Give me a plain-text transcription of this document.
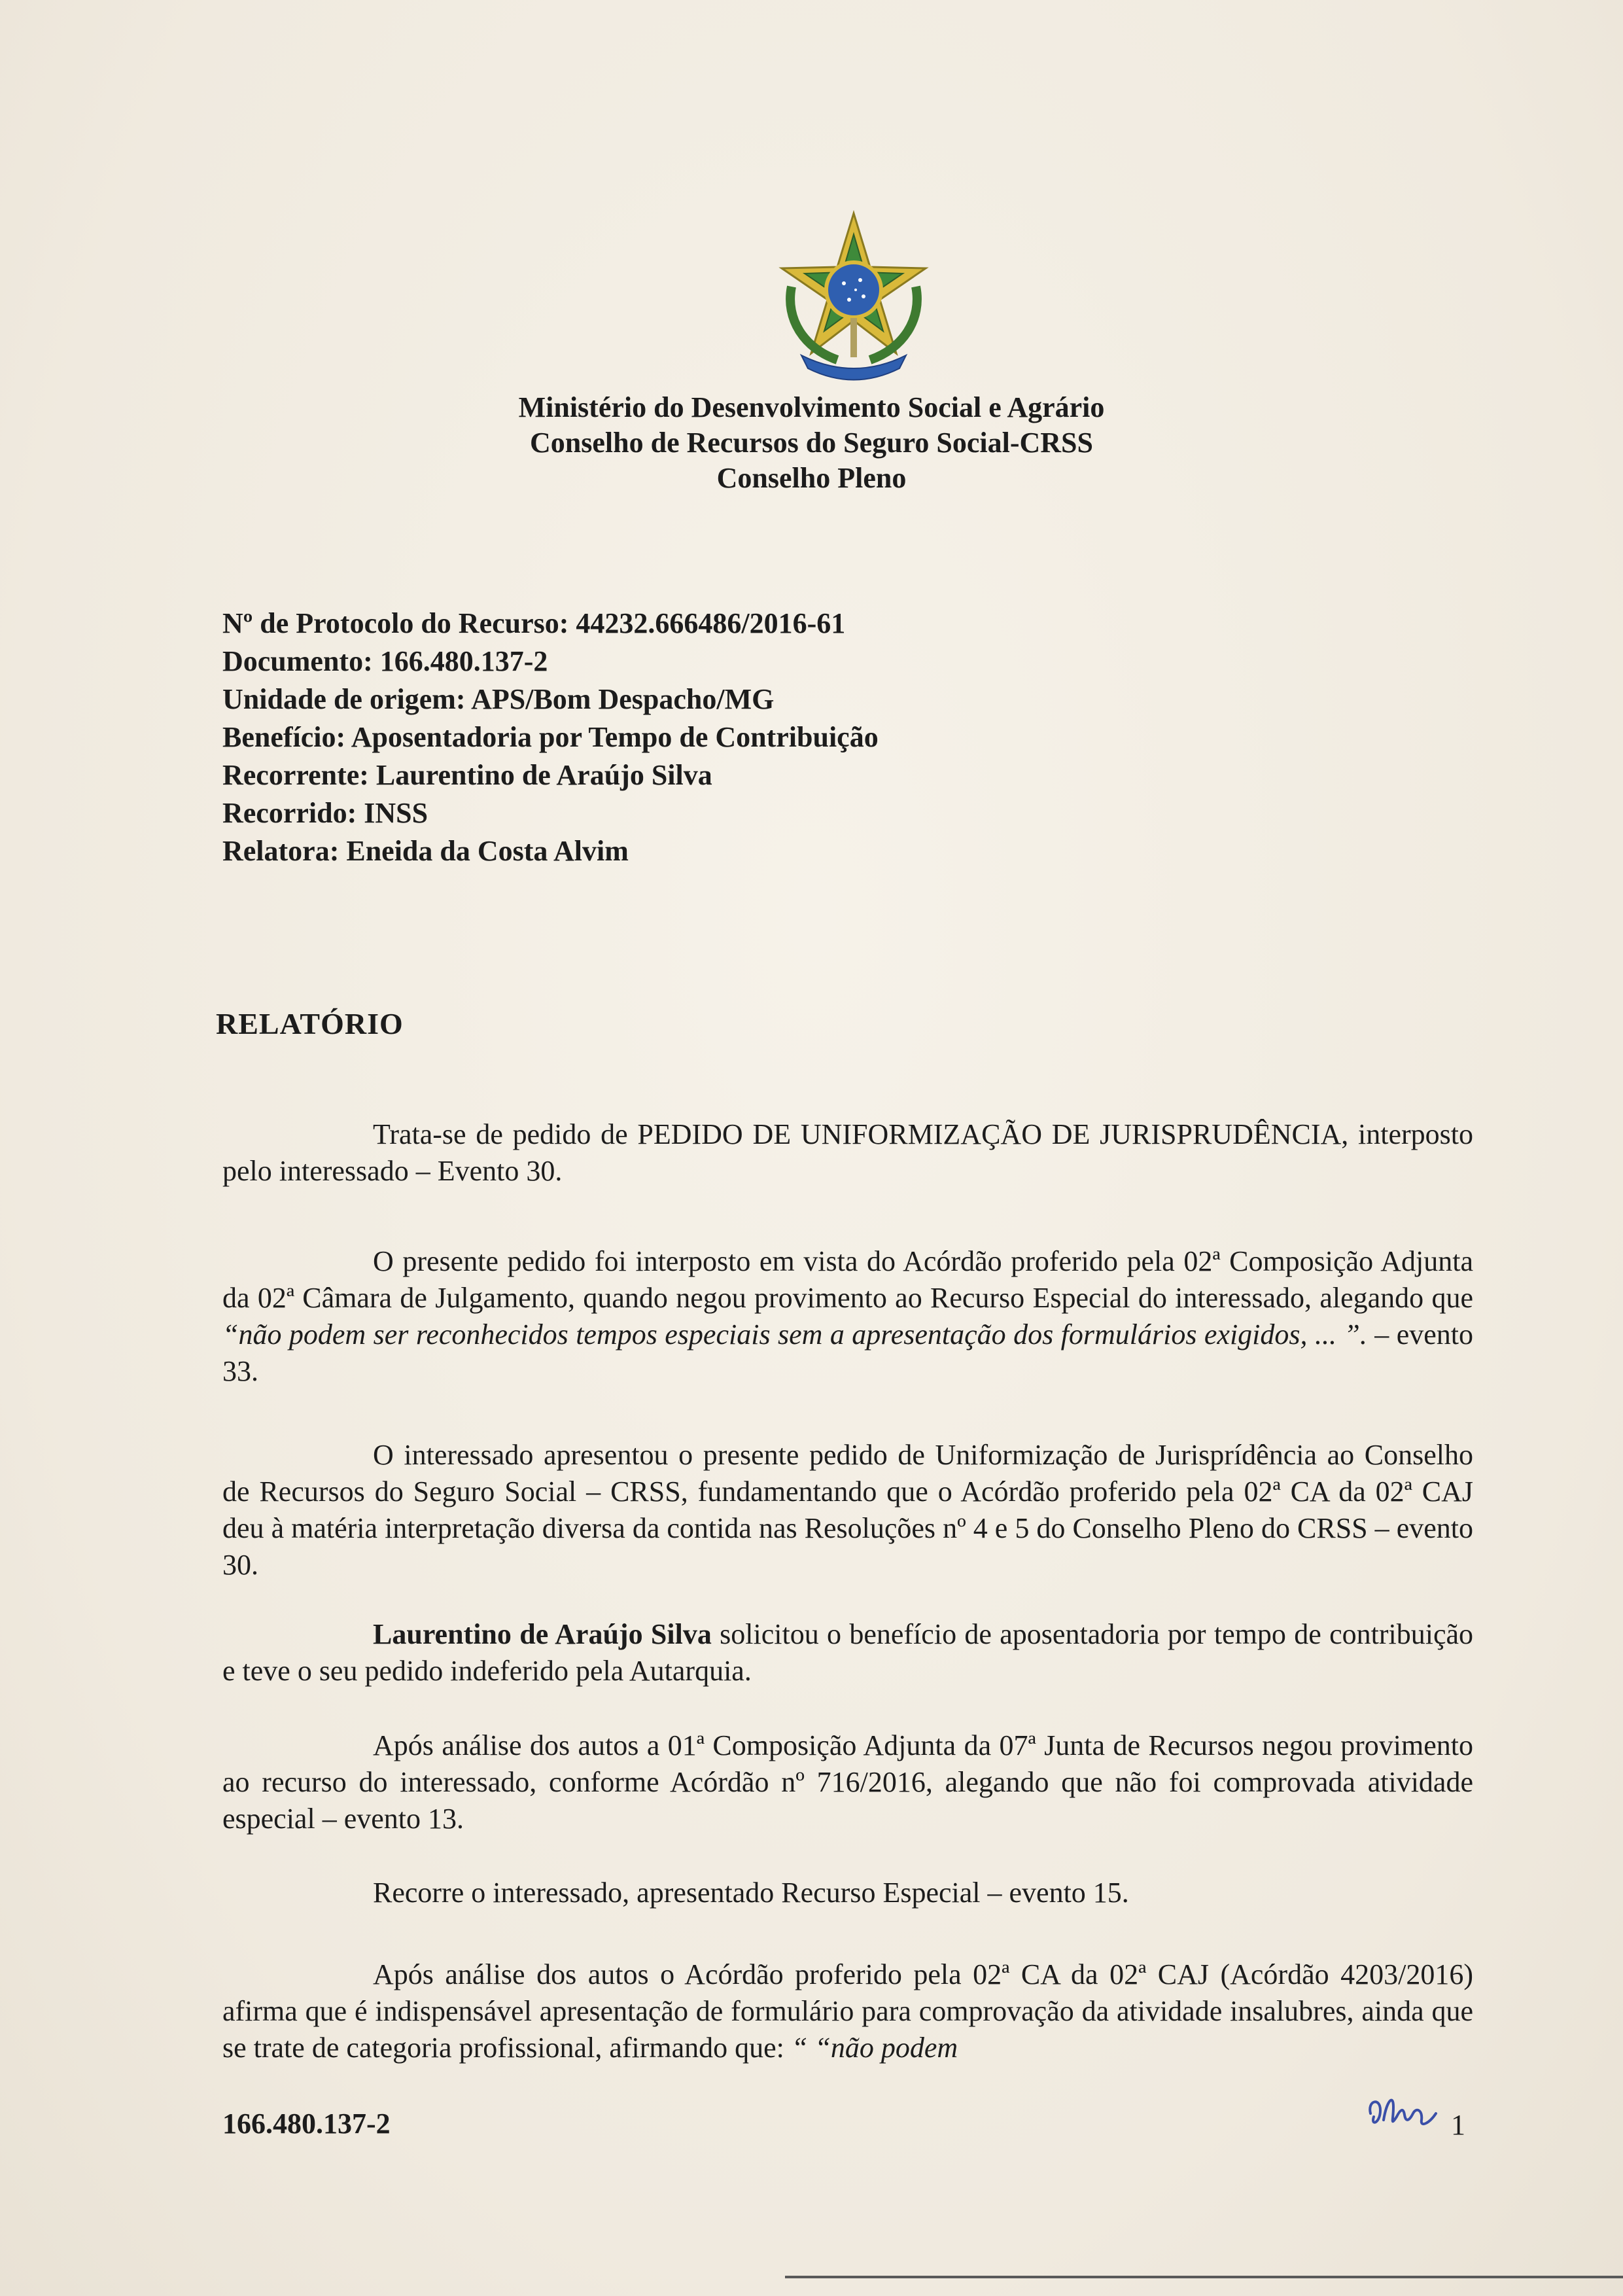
Ministério do Desenvolvimento Social e Agrário
Conselho de Recursos do Seguro Social-CRSS
Conselho Pleno
Nº de Protocolo do Recurso: 44232.666486/2016-61
Documento: 166.480.137-2
Unidade de origem: APS/Bom Despacho/MG
Benefício: Aposentadoria por Tempo de Contribuição
Recorrente: Laurentino de Araújo Silva
Recorrido: INSS
Relatora: Eneida da Costa Alvim
RELATÓRIO
Trata-se de pedido de PEDIDO DE UNIFORMIZAÇÃO DE JURISPRUDÊNCIA, interposto pelo interessado – Evento 30.
O presente pedido foi interposto em vista do Acórdão proferido pela 02ª Composição Adjunta da 02ª Câmara de Julgamento, quando negou provimento ao Recurso Especial do interessado, alegando que “não podem ser reconhecidos tempos especiais sem a apresentação dos formulários exigidos, ... ”. – evento 33.
O interessado apresentou o presente pedido de Uniformização de Jurisprídência ao Conselho de Recursos do Seguro Social – CRSS, fundamentando que o Acórdão proferido pela 02ª CA da 02ª CAJ deu à matéria interpretação diversa da contida nas Resoluções nº 4 e 5 do Conselho Pleno do CRSS – evento 30.
Laurentino de Araújo Silva solicitou o benefício de aposentadoria por tempo de contribuição e teve o seu pedido indeferido pela Autarquia.
Após análise dos autos a 01ª Composição Adjunta da 07ª Junta de Recursos negou provimento ao recurso do interessado, conforme Acórdão nº 716/2016, alegando que não foi comprovada atividade especial – evento 13.
Recorre o interessado, apresentado Recurso Especial – evento 15.
Após análise dos autos o Acórdão proferido pela 02ª CA da 02ª CAJ (Acórdão 4203/2016) afirma que é indispensável apresentação de formulário para comprovação da atividade insalubres, ainda que se trate de categoria profissional, afirmando que: “ “não podem
166.480.137-2	1
